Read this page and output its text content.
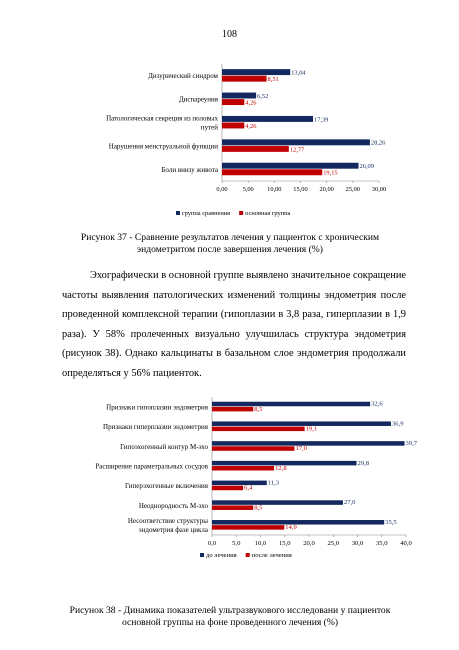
108
Дизурический синдром	13,04
8,51
Диспареуния	6,52
4,26
Патологическая секреция из половых
путей
17,39
4,26
Нарушения менструальной функции	28,26
12,77
Боли внизу живота	26,09
19,15
0,00 5,00 10,00 15,00 20,00 25,00 30,00
группа сравнения основная группа
Рисунок 37 - Сравнение результатов лечения у пациенток с хроническим эндометритом после завершения лечения (%)
Эхографически в основной группе выявлено значительное сокращение частоты выявления патологических изменений толщины эндометрия после проведенной комплексной терапии (гипоплазии в 3,8 раза, гиперплазии в 1,9 раза). У 58% пролеченных визуально улучшилась структура эндометрия (рисунок 38). Однако кальцинаты в базальном слое эндометрия продолжали определяться у 56% пациенток.
Признаки гипоплазии эндометрия	32,6
8,5
Признаки гиперплазии эндометрия	36,9
19,1
Гипоэхогенный контур М-эхо	39,7
17,0
Расширение параметральных сосудов	29,8
12,8
Гиперэхогенные включения	11,3
6,4
Неоднородность М-эхо	27,0
8,5
Несоответствие структуры
эндометрия фазе цикла
35,5
14,9
0,0 5,0 10,0 15,0 20,0 25,0 30,0 35,0 40,0
до лечения после лечения
Рисунок 38 - Динамика показателей ультразвукового исследовани у пациенток основной группы на фоне проведенного лечения (%)
